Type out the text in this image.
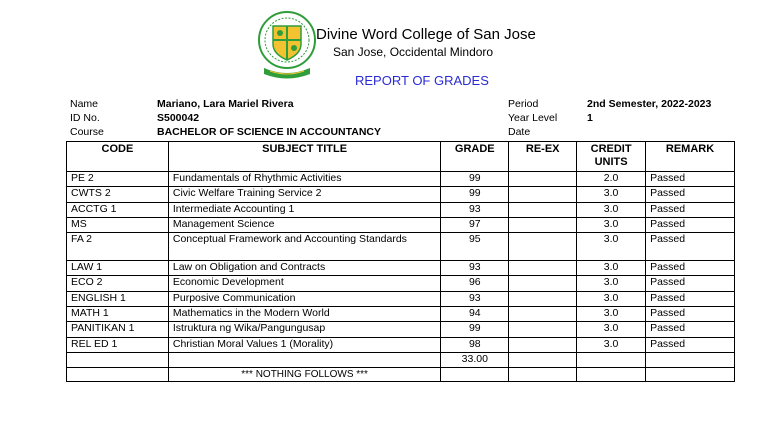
Divine Word College of San Jose
San Jose, Occidental Mindoro
REPORT OF GRADES
Name	Mariano, Lara Mariel Rivera
ID No.	S500042
Course	BACHELOR OF SCIENCE IN ACCOUNTANCY
Period	2nd Semester, 2022-2023
Year Level	1
Date
CODE	SUBJECT TITLE	GRADE	RE-EX	CREDIT UNITS	REMARK
PE 2	Fundamentals of Rhythmic Activities	99		2.0	Passed
CWTS 2	Civic Welfare Training Service 2	99		3.0	Passed
ACCTG 1	Intermediate Accounting 1	93		3.0	Passed
MS	Management Science	97		3.0	Passed
FA 2	Conceptual Framework and Accounting Standards	95		3.0	Passed
LAW 1	Law on Obligation and Contracts	93		3.0	Passed
ECO 2	Economic Development	96		3.0	Passed
ENGLISH 1	Purposive Communication	93		3.0	Passed
MATH 1	Mathematics in the Modern World	94		3.0	Passed
PANITIKAN 1	Istruktura ng Wika/Pangungusap	99		3.0	Passed
REL ED 1	Christian Moral Values 1 (Morality)	98		3.0	Passed
		33.00			
	*** NOTHING FOLLOWS ***				
